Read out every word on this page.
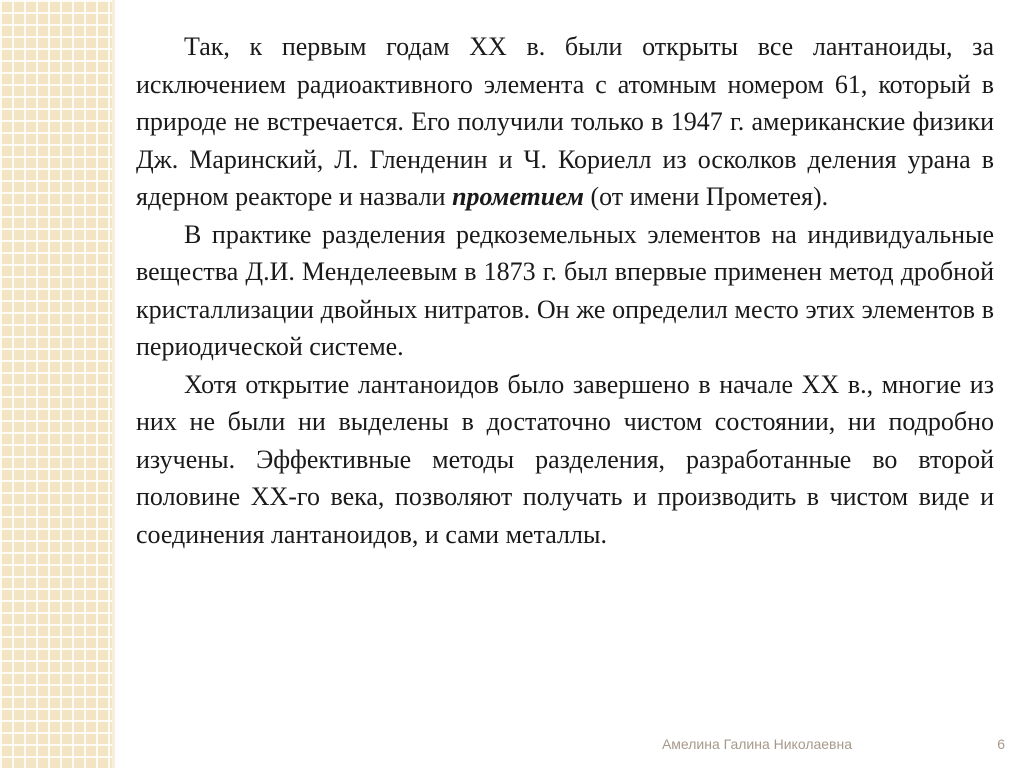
Так, к первым годам XX в. были открыты все лантаноиды, за исключением радиоактивного элемента с атомным номером 61, который в природе не встречается. Его получили только в 1947 г. американские физики Дж. Маринский, Л. Гленденин и Ч. Кориелл из осколков деления урана в ядерном реакторе и назвали прометием (от имени Прометея).

В практике разделения редкоземельных элементов на индивидуальные вещества Д.И. Менделеевым в 1873 г. был впервые применен метод дробной кристаллизации двойных нитратов. Он же определил место этих элементов в периодической системе.

Хотя открытие лантаноидов было завершено в начале XX в., многие из них не были ни выделены в достаточно чистом состоянии, ни подробно изучены. Эффективные методы разделения, разработанные во второй половине XX-го века, позволяют получать и производить в чистом виде и соединения лантаноидов, и сами металлы.

Амелина Галина Николаевна	6
